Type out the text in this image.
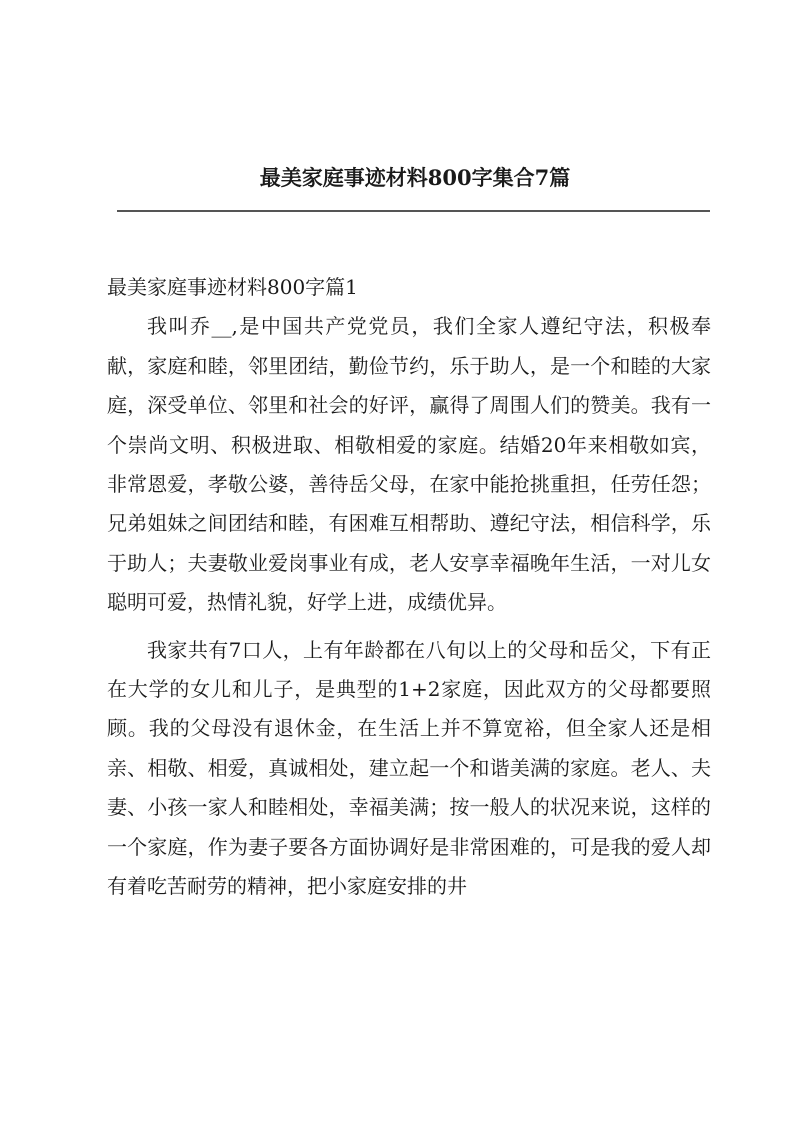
最美家庭事迹材料800字集合7篇

最美家庭事迹材料800字篇1

我叫乔__,是中国共产党党员，我们全家人遵纪守法，积极奉献，家庭和睦，邻里团结，勤俭节约，乐于助人，是一个和睦的大家庭，深受单位、邻里和社会的好评，赢得了周围人们的赞美。我有一个崇尚文明、积极进取、相敬相爱的家庭。结婚20年来相敬如宾，非常恩爱，孝敬公婆，善待岳父母，在家中能抢挑重担，任劳任怨；兄弟姐妹之间团结和睦，有困难互相帮助、遵纪守法，相信科学，乐于助人；夫妻敬业爱岗事业有成，老人安享幸福晚年生活，一对儿女聪明可爱，热情礼貌，好学上进，成绩优异。

我家共有7口人，上有年龄都在八旬以上的父母和岳父，下有正在大学的女儿和儿子，是典型的1+2家庭，因此双方的父母都要照顾。我的父母没有退休金，在生活上并不算宽裕，但全家人还是相亲、相敬、相爱，真诚相处，建立起一个和谐美满的家庭。老人、夫妻、小孩一家人和睦相处，幸福美满；按一般人的状况来说，这样的一个家庭，作为妻子要各方面协调好是非常困难的，可是我的爱人却有着吃苦耐劳的精神，把小家庭安排的井
